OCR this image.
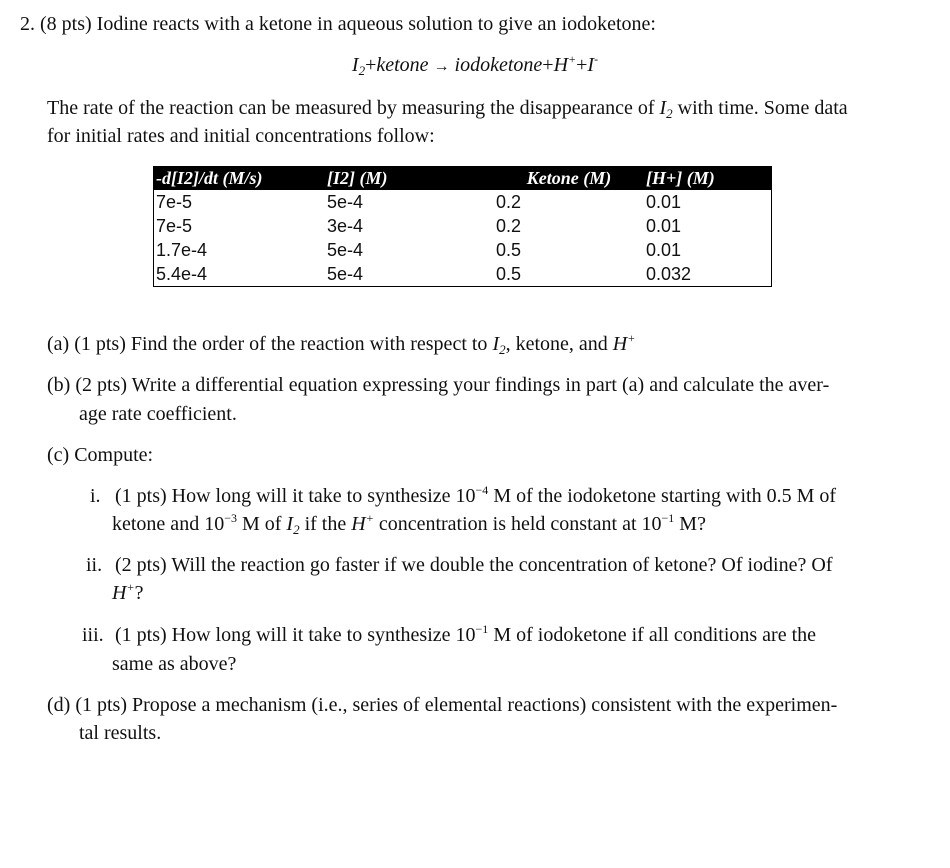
2. (8 pts) Iodine reacts with a ketone in aqueous solution to give an iodoketone:
$I_2+ketone$ → iodoketone+H++I-
The rate of the reaction can be measured by measuring the disappearance of $I_2$ with time. Some data
for initial rates and initial concentrations follow:
-d[I2]/dt (M/s)	[I2] (M)	Ketone (M)	[H+] (M)
7e-5	5e-4	0.2	0.01
7e-5	3e-4	0.2	0.01
1.7e-4	5e-4	0.5	0.01
5.4e-4	5e-4	0.5	0.032
(a) (1 pts) Find the order of the reaction with respect to $I_2$, ketone, and H+
(b) (2 pts) Write a differential equation expressing your findings in part (a) and calculate the aver-
age rate coefficient.
(c) Compute:
i. (1 pts) How long will it take to synthesize $10^{-4}$ M of the iodoketone starting with 0.5 M of
ketone and $10^{-3}$ M of $I_2$ if the H+ concentration is held constant at $10^{-1}$ M?
ii. (2 pts) Will the reaction go faster if we double the concentration of ketone? Of iodine? Of
H+?
iii. (1 pts) How long will it take to synthesize $10^{-1}$ M of iodoketone if all conditions are the
same as above?
(d) (1 pts) Propose a mechanism (i.e., series of elemental reactions) consistent with the experimen-
tal results.
